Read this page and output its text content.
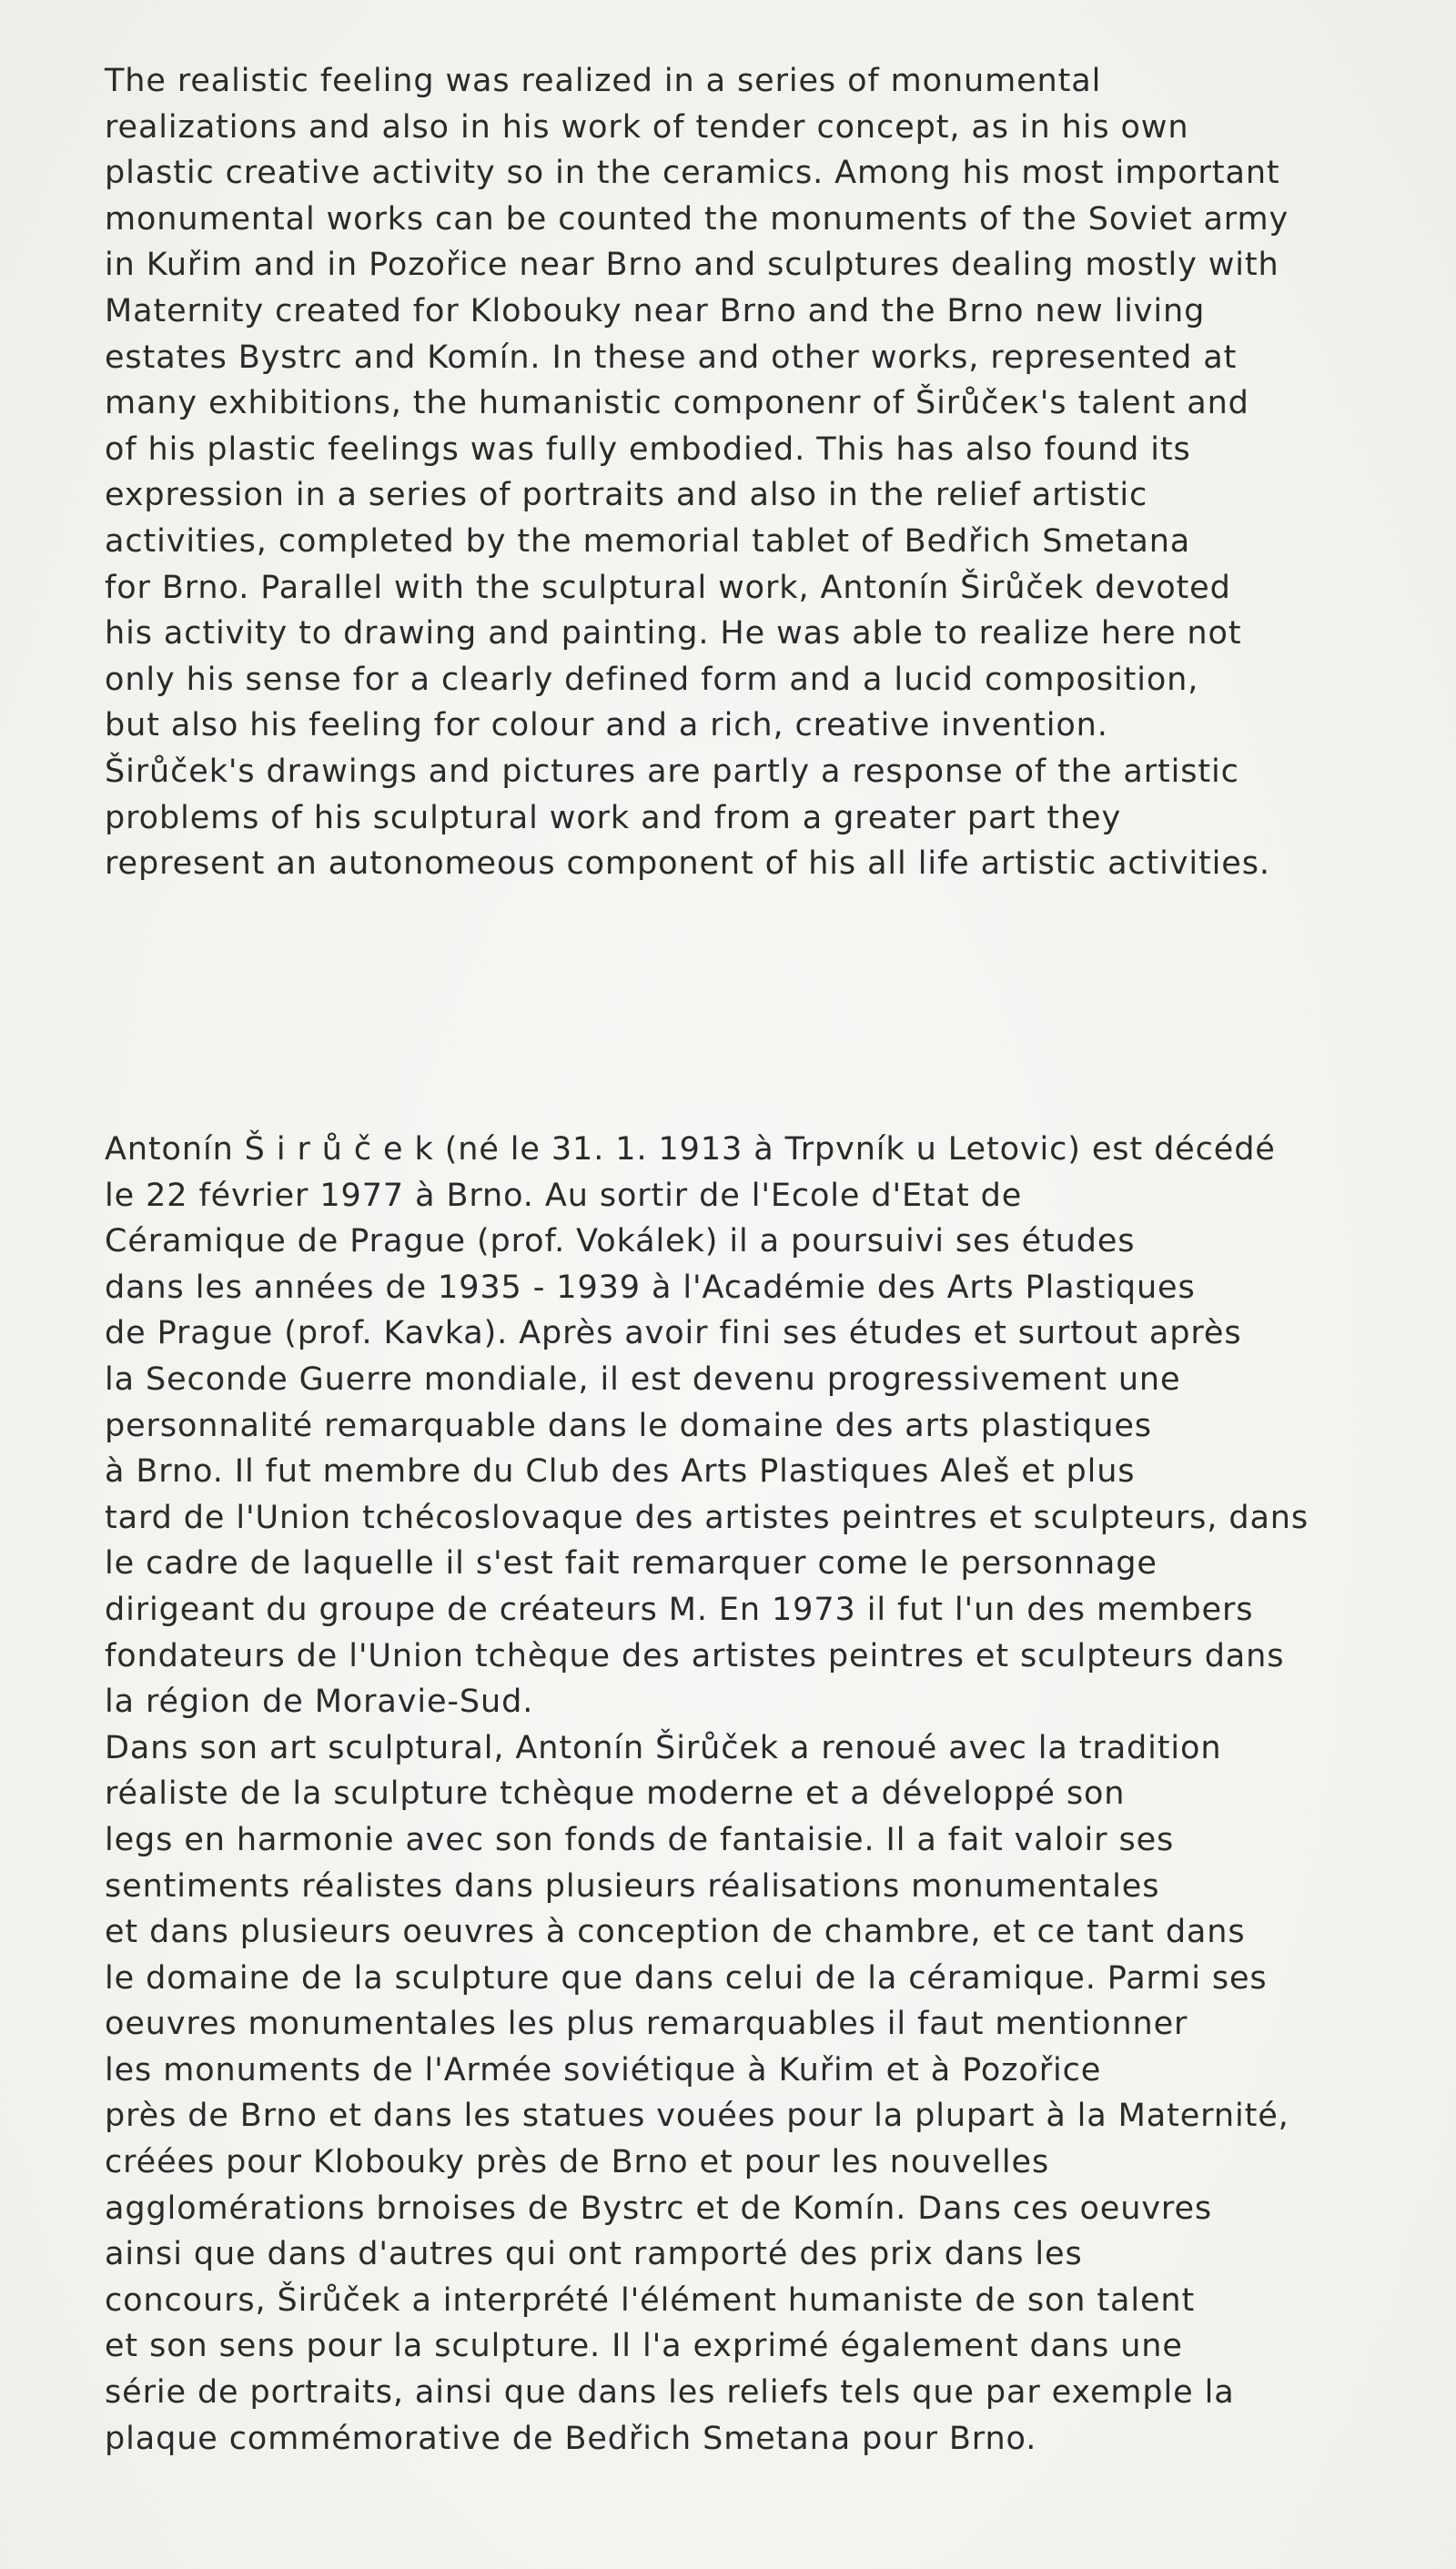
The realistic feeling was realized in a series of monumental
realizations and also in his work of tender concept, as in his own
plastic creative activity so in the ceramics. Among his most important
monumental works can be counted the monuments of the Soviet army
in Kuřim and in Pozořice near Brno and sculptures dealing mostly with
Maternity created for Klobouky near Brno and the Brno new living
estates Bystrc and Komín. In these and other works, represented at
many exhibitions, the humanistic componenr of Širůčeк's talent and
of his plastic feelings was fully embodied. This has also found its
expression in a series of portraits and also in the relief artistic
activities, completed by the memorial tablet of Bedřich Smetana
for Brno. Parallel with the sculptural work, Antonín Širůček devoted
his activity to drawing and painting. He was able to realize here not
only his sense for a clearly defined form and a lucid composition,
but also his feeling for colour and a rich, creative invention.
Širůček's drawings and pictures are partly a response of the artistic
problems of his sculptural work and from a greater part they
represent an autonomeous component of his all life artistic activities.
Antonín Š i r ů č e k (né le 31. 1. 1913 à Trpvník u Letovic) est décédé
le 22 février 1977 à Brno. Au sortir de l'Ecole d'Etat de
Céramique de Prague (prof. Vokálek) il a poursuivi ses études
dans les années de 1935 - 1939 à l'Académie des Arts Plastiques
de Prague (prof. Kavka). Après avoir fini ses études et surtout après
la Seconde Guerre mondiale, il est devenu progressivement une
personnalité remarquable dans le domaine des arts plastiques
à Brno. Il fut membre du Club des Arts Plastiques Aleš et plus
tard de l'Union tchécoslovaque des artistes peintres et sculpteurs, dans
le cadre de laquelle il s'est fait remarquer come le personnage
dirigeant du groupe de créateurs M. En 1973 il fut l'un des members
fondateurs de l'Union tchèque des artistes peintres et sculpteurs dans
la région de Moravie-Sud.
Dans son art sculptural, Antonín Širůček a renoué avec la tradition
réaliste de la sculpture tchèque moderne et a développé son
legs en harmonie avec son fonds de fantaisie. Il a fait valoir ses
sentiments réalistes dans plusieurs réalisations monumentales
et dans plusieurs oeuvres à conception de chambre, et ce tant dans
le domaine de la sculpture que dans celui de la céramique. Parmi ses
oeuvres monumentales les plus remarquables il faut mentionner
les monuments de l'Armée soviétique à Kuřim et à Pozořice
près de Brno et dans les statues vouées pour la plupart à la Maternité,
créées pour Klobouky près de Brno et pour les nouvelles
agglomérations brnoises de Bystrc et de Komín. Dans ces oeuvres
ainsi que dans d'autres qui ont ramporté des prix dans les
concours, Širůček a interprété l'élément humaniste de son talent
et son sens pour la sculpture. Il l'a exprimé également dans une
série de portraits, ainsi que dans les reliefs tels que par exemple la
plaque commémorative de Bedřich Smetana pour Brno.
